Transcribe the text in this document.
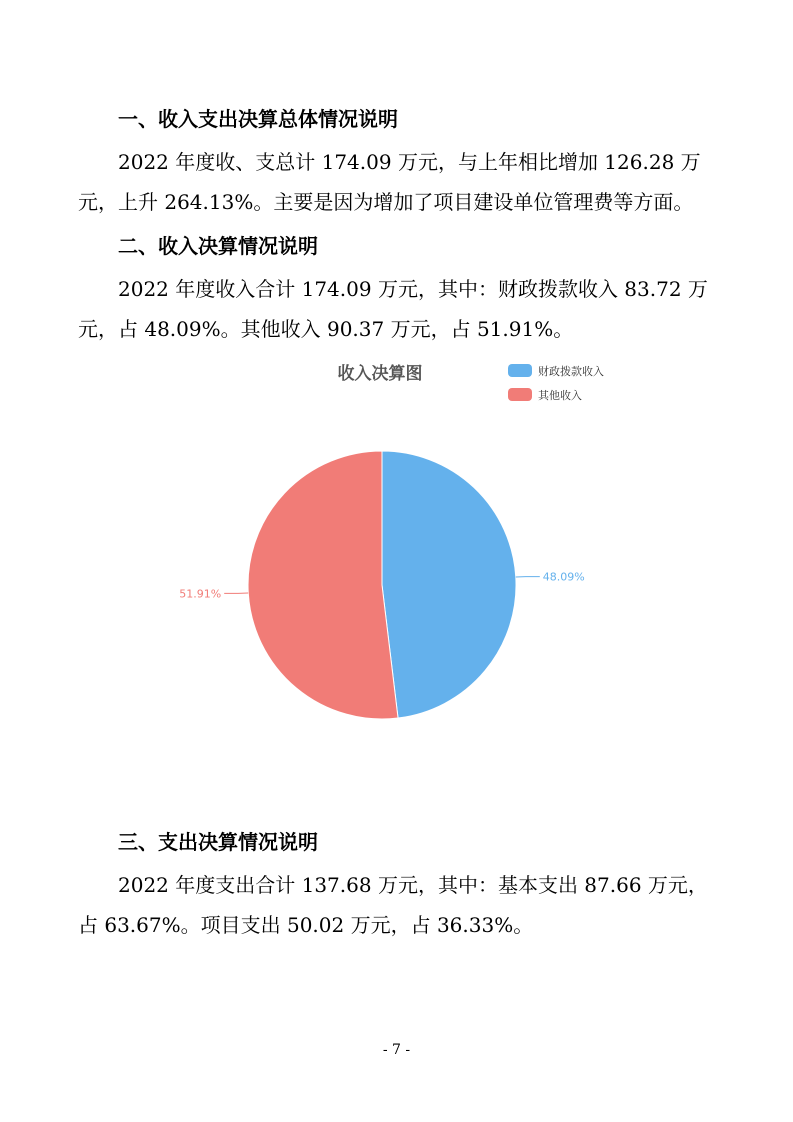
一、收入支出决算总体情况说明
2022 年度收、支总计 174.09 万元，与上年相比增加 126.28 万元，上升 264.13%。主要是因为增加了项目建设单位管理费等方面。
二、收入决算情况说明
2022 年度收入合计 174.09 万元，其中：财政拨款收入 83.72 万元，占 48.09%。其他收入 90.37 万元，占 51.91%。
收入决算图	财政拨款收入
其他收入
48.09%
51.91%
三、支出决算情况说明
2022 年度支出合计 137.68 万元，其中：基本支出 87.66 万元，占 63.67%。项目支出 50.02 万元，占 36.33%。
- 7 -
